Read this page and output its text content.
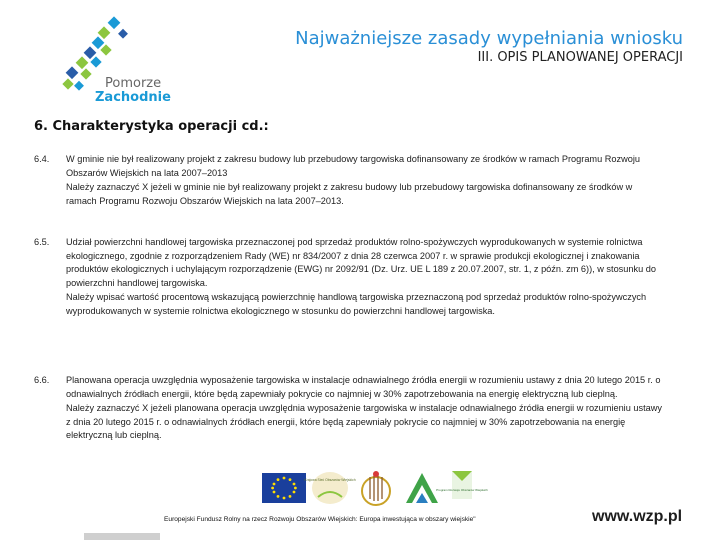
Pomorze
Zachodnie
Najważniejsze zasady wypełniania wniosku
III. OPIS PLANOWANEJ OPERACJI
6. Charakterystyka operacji cd.:
6.4.	W gminie nie był realizowany projekt z zakresu budowy lub przebudowy targowiska dofinansowany ze środków w ramach Programu Rozwoju Obszarów Wiejskich na lata 2007–2013

Należy zaznaczyć X jeżeli w gminie nie był realizowany projekt z zakresu budowy lub przebudowy targowiska dofinansowany ze środków w ramach Programu Rozwoju Obszarów Wiejskich na lata 2007–2013.

6.5.	Udział powierzchni handlowej targowiska przeznaczonej pod sprzedaż produktów rolno-spożywczych wyprodukowanych w systemie rolnictwa ekologicznego, zgodnie z rozporządzeniem Rady (WE) nr 834/2007 z dnia 28 czerwca 2007 r. w sprawie produkcji ekologicznej i znakowania produktów ekologicznych i uchylającym rozporządzenie (EWG) nr 2092/91 (Dz. Urz. UE L 189 z 20.07.2007, str. 1, z późn. zm 6)), w stosunku do powierzchni handlowej targowiska.

Należy wpisać wartość procentową wskazującą powierzchnię handlową targowiska przeznaczoną pod sprzedaż produktów rolno-spożywczych wyprodukowanych w systemie rolnictwa ekologicznego w stosunku do powierzchni handlowej targowiska.

6.6.	Planowana operacja uwzględnia wyposażenie targowiska w instalacje odnawialnego źródła energii w rozumieniu ustawy z dnia 20 lutego 2015 r. o odnawialnych źródłach energii, które będą zapewniały pokrycie co najmniej w 30% zapotrzebowania na energię elektryczną lub cieplną.

Należy zaznaczyć X jeżeli planowana operacja uwzględnia wyposażenie targowiska w instalacje odnawialnego źródła energii w rozumieniu ustawy z dnia 20 lutego 2015 r. o odnawialnych źródłach energii, które będą zapewniały pokrycie co najmniej w 30% zapotrzebowania na energię elektryczną lub cieplną.

Krajowa Sieć Obszarów Wiejskich
Program Rozwoju Obszarów Wiejskich
Europejski Fundusz Rolny na rzecz Rozwoju Obszarów Wiejskich: Europa inwestująca w obszary wiejskie"	www.wzp.pl
